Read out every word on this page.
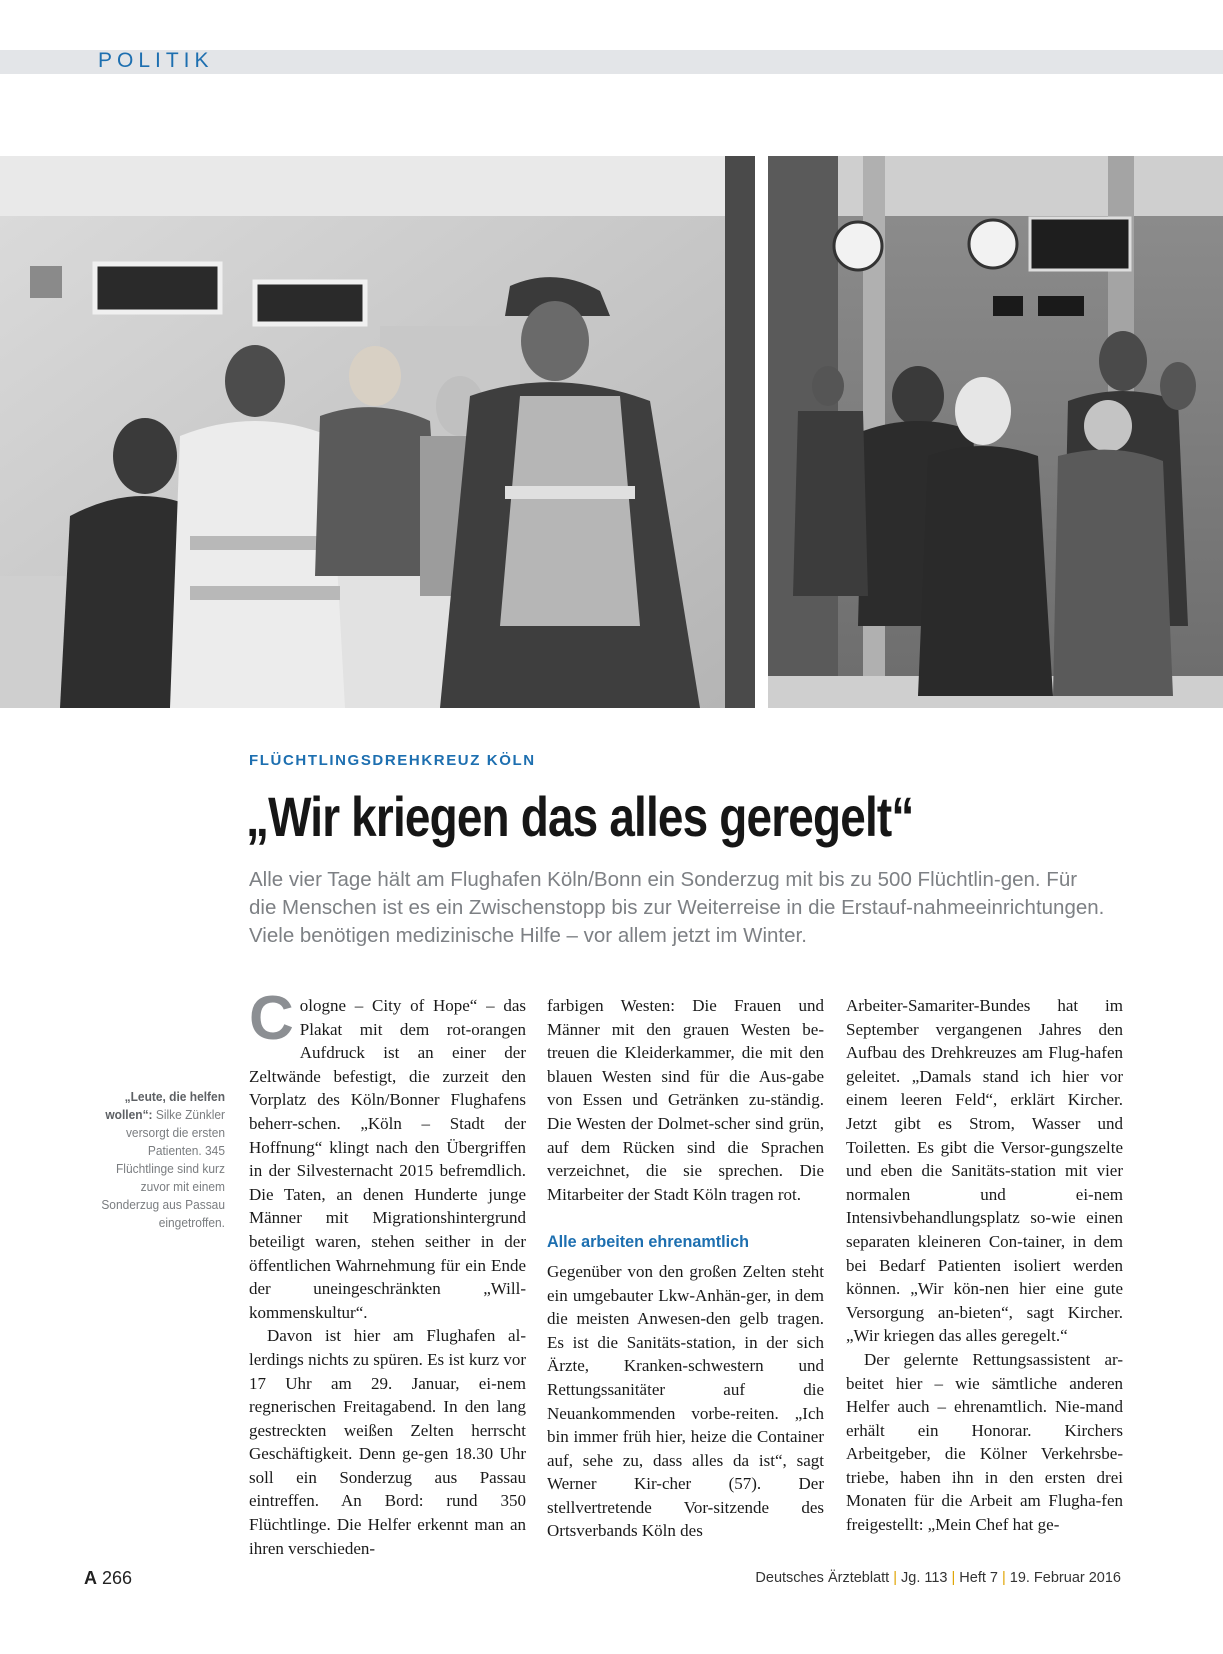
POLITIK
FLÜCHTLINGSDREHKREUZ KÖLN
„Wir kriegen das alles geregelt“
Alle vier Tage hält am Flughafen Köln/Bonn ein Sonderzug mit bis zu 500 Flüchtlin-gen. Für die Menschen ist es ein Zwischenstopp bis zur Weiterreise in die Erstauf-nahmeeinrichtungen. Viele benötigen medizinische Hilfe – vor allem jetzt im Winter.
„Leute, die helfen wollen“: Silke Zünkler versorgt die ersten Patienten. 345 Flüchtlinge sind kurz zuvor mit einem Sonderzug aus Passau eingetroffen.

Cologne – City of Hope“ – das Plakat mit dem rot-orangen Aufdruck ist an einer der Zeltwände befestigt, die zurzeit den Vorplatz des Köln/Bonner Flughafens beherr-schen. „Köln – Stadt der Hoffnung“ klingt nach den Übergriffen in der Silvesternacht 2015 befremdlich. Die Taten, an denen Hunderte junge Männer mit Migrationshintergrund beteiligt waren, stehen seither in der öffentlichen Wahrnehmung für ein Ende der uneingeschränkten „Will-kommenskultur“.

Davon ist hier am Flughafen al-lerdings nichts zu spüren. Es ist kurz vor 17 Uhr am 29. Januar, ei-nem regnerischen Freitagabend. In den lang gestreckten weißen Zelten herrscht Geschäftigkeit. Denn ge-gen 18.30 Uhr soll ein Sonderzug aus Passau eintreffen. An Bord: rund 350 Flüchtlinge. Die Helfer erkennt man an ihren verschieden-

farbigen Westen: Die Frauen und Männer mit den grauen Westen be-treuen die Kleiderkammer, die mit den blauen Westen sind für die Aus-gabe von Essen und Getränken zu-ständig. Die Westen der Dolmet-scher sind grün, auf dem Rücken sind die Sprachen verzeichnet, die sie sprechen. Die Mitarbeiter der Stadt Köln tragen rot.

Alle arbeiten ehrenamtlich

Gegenüber von den großen Zelten steht ein umgebauter Lkw-Anhän-ger, in dem die meisten Anwesen-den gelb tragen. Es ist die Sanitäts-station, in der sich Ärzte, Kranken-schwestern und Rettungssanitäter auf die Neuankommenden vorbe-reiten. „Ich bin immer früh hier, heize die Container auf, sehe zu, dass alles da ist“, sagt Werner Kir-cher (57). Der stellvertretende Vor-sitzende des Ortsverbands Köln des

Arbeiter-Samariter-Bundes hat im September vergangenen Jahres den Aufbau des Drehkreuzes am Flug-hafen geleitet. „Damals stand ich hier vor einem leeren Feld“, erklärt Kircher. Jetzt gibt es Strom, Wasser und Toiletten. Es gibt die Versor-gungszelte und eben die Sanitäts-station mit vier normalen und ei-nem Intensivbehandlungsplatz so-wie einen separaten kleineren Con-tainer, in dem bei Bedarf Patienten isoliert werden können. „Wir kön-nen hier eine gute Versorgung an-bieten“, sagt Kircher. „Wir kriegen das alles geregelt.“

Der gelernte Rettungsassistent ar-beitet hier – wie sämtliche anderen Helfer auch – ehrenamtlich. Nie-mand erhält ein Honorar. Kirchers Arbeitgeber, die Kölner Verkehrsbe-triebe, haben ihn in den ersten drei Monaten für die Arbeit am Flugha-fen freigestellt: „Mein Chef hat ge-

A 266	Deutsches Ärzteblatt | Jg. 113 | Heft 7 | 19. Februar 2016
